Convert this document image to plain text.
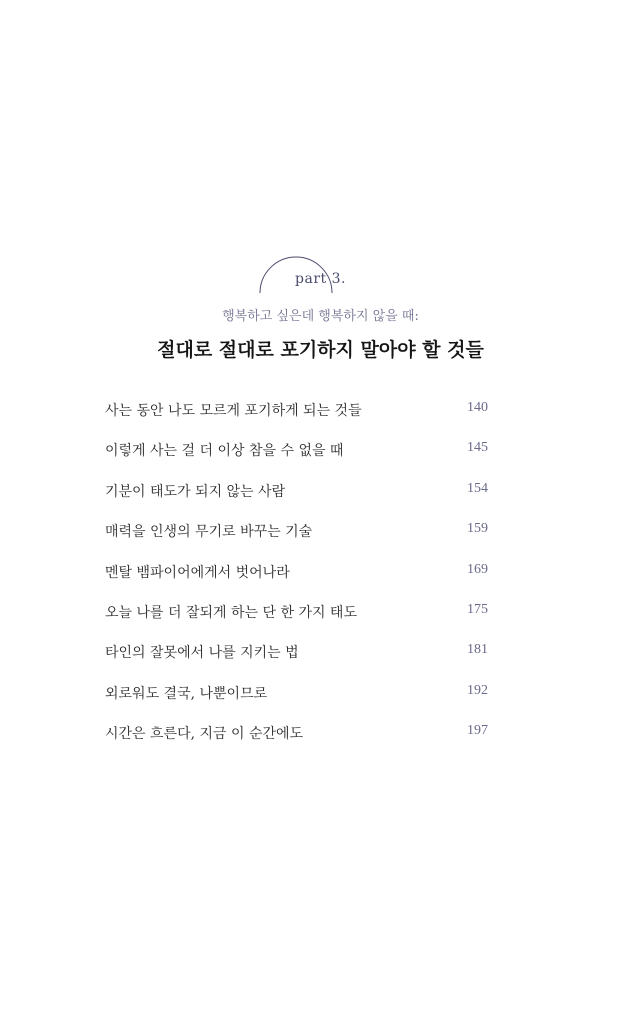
part 3.
행복하고 싶은데 행복하지 않을 때:
절대로 절대로 포기하지 말아야 할 것들
사는 동안 나도 모르게 포기하게 되는 것들	140
이렇게 사는 걸 더 이상 참을 수 없을 때	145
기분이 태도가 되지 않는 사람	154
매력을 인생의 무기로 바꾸는 기술	159
멘탈 뱀파이어에게서 벗어나라	169
오늘 나를 더 잘되게 하는 단 한 가지 태도	175
타인의 잘못에서 나를 지키는 법	181
외로워도 결국, 나뿐이므로	192
시간은 흐른다, 지금 이 순간에도	197
